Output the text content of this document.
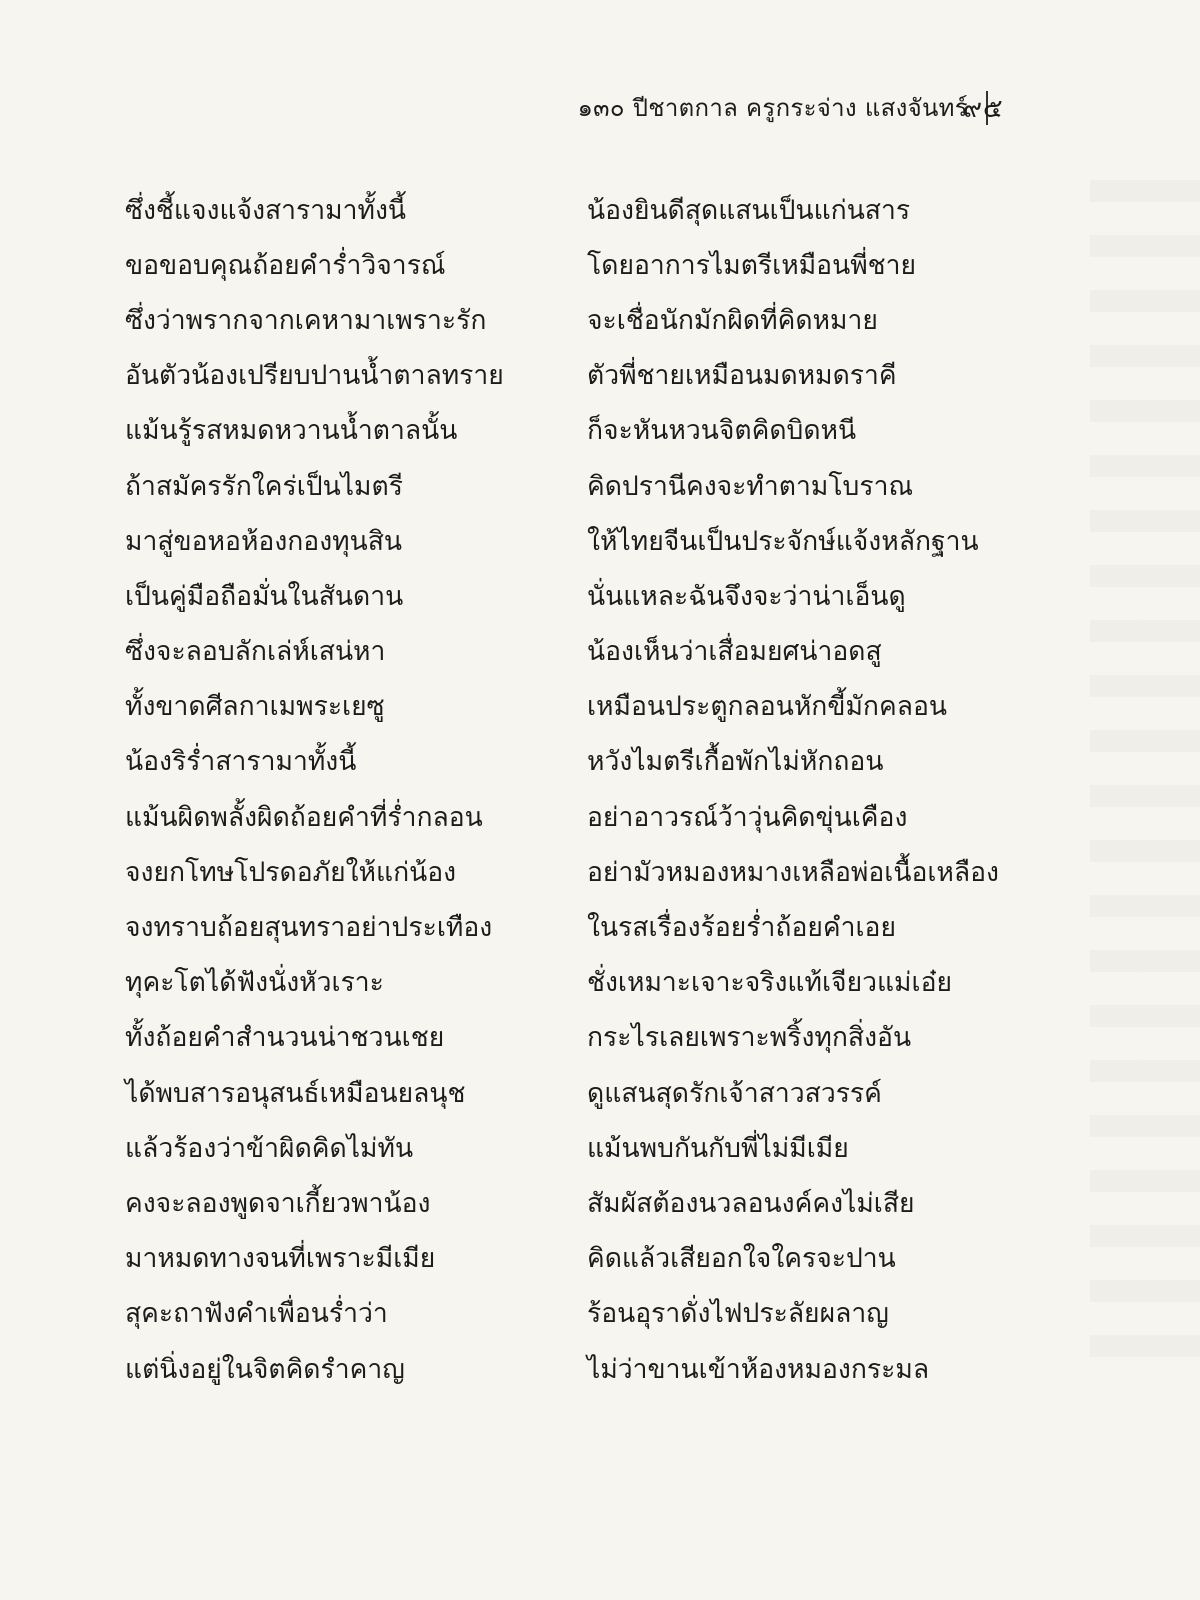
๑๓๐ ปีชาตกาล ครูกระจ่าง แสงจันทร์
๙๕
ซึ่งชี้แจงแจ้งสารามาทั้งนี้	น้องยินดีสุดแสนเป็นแก่นสาร
ขอขอบคุณถ้อยคำร่ำวิจารณ์	โดยอาการไมตรีเหมือนพี่ชาย
ซึ่งว่าพรากจากเคหามาเพราะรัก	จะเชื่อนักมักผิดที่คิดหมาย
อันตัวน้องเปรียบปานน้ำตาลทราย	ตัวพี่ชายเหมือนมดหมดราคี
แม้นรู้รสหมดหวานน้ำตาลนั้น	ก็จะหันหวนจิตคิดบิดหนี
ถ้าสมัครรักใคร่เป็นไมตรี	คิดปรานีคงจะทำตามโบราณ
มาสู่ขอหอห้องกองทุนสิน	ให้ไทยจีนเป็นประจักษ์แจ้งหลักฐาน
เป็นคู่มือถือมั่นในสันดาน	นั่นแหละฉันจึงจะว่าน่าเอ็นดู
ซึ่งจะลอบลักเล่ห์เสน่หา	น้องเห็นว่าเสื่อมยศน่าอดสู
ทั้งขาดศีลกาเมพระเยซู	เหมือนประตูกลอนหักขี้มักคลอน
น้องริร่ำสารามาทั้งนี้	หวังไมตรีเกื้อพักไม่หักถอน
แม้นผิดพลั้งผิดถ้อยคำที่ร่ำกลอน	อย่าอาวรณ์ว้าวุ่นคิดขุ่นเคือง
จงยกโทษโปรดอภัยให้แก่น้อง	อย่ามัวหมองหมางเหลือพ่อเนื้อเหลือง
จงทราบถ้อยสุนทราอย่าประเทือง	ในรสเรื่องร้อยร่ำถ้อยคำเอย
ทุคะโตได้ฟังนั่งหัวเราะ	ชั่งเหมาะเจาะจริงแท้เจียวแม่เอ๋ย
ทั้งถ้อยคำสำนวนน่าชวนเชย	กระไรเลยเพราะพริ้งทุกสิ่งอัน
ได้พบสารอนุสนธ์เหมือนยลนุช	ดูแสนสุดรักเจ้าสาวสวรรค์
แล้วร้องว่าข้าผิดคิดไม่ทัน	แม้นพบกันกับพี่ไม่มีเมีย
คงจะลองพูดจาเกี้ยวพาน้อง	สัมผัสต้องนวลอนงค์คงไม่เสีย
มาหมดทางจนที่เพราะมีเมีย	คิดแล้วเสียอกใจใครจะปาน
สุคะถาฟังคำเพื่อนร่ำว่า	ร้อนอุราดั่งไฟประลัยผลาญ
แต่นิ่งอยู่ในจิตคิดรำคาญ	ไม่ว่าขานเข้าห้องหมองกระมล
